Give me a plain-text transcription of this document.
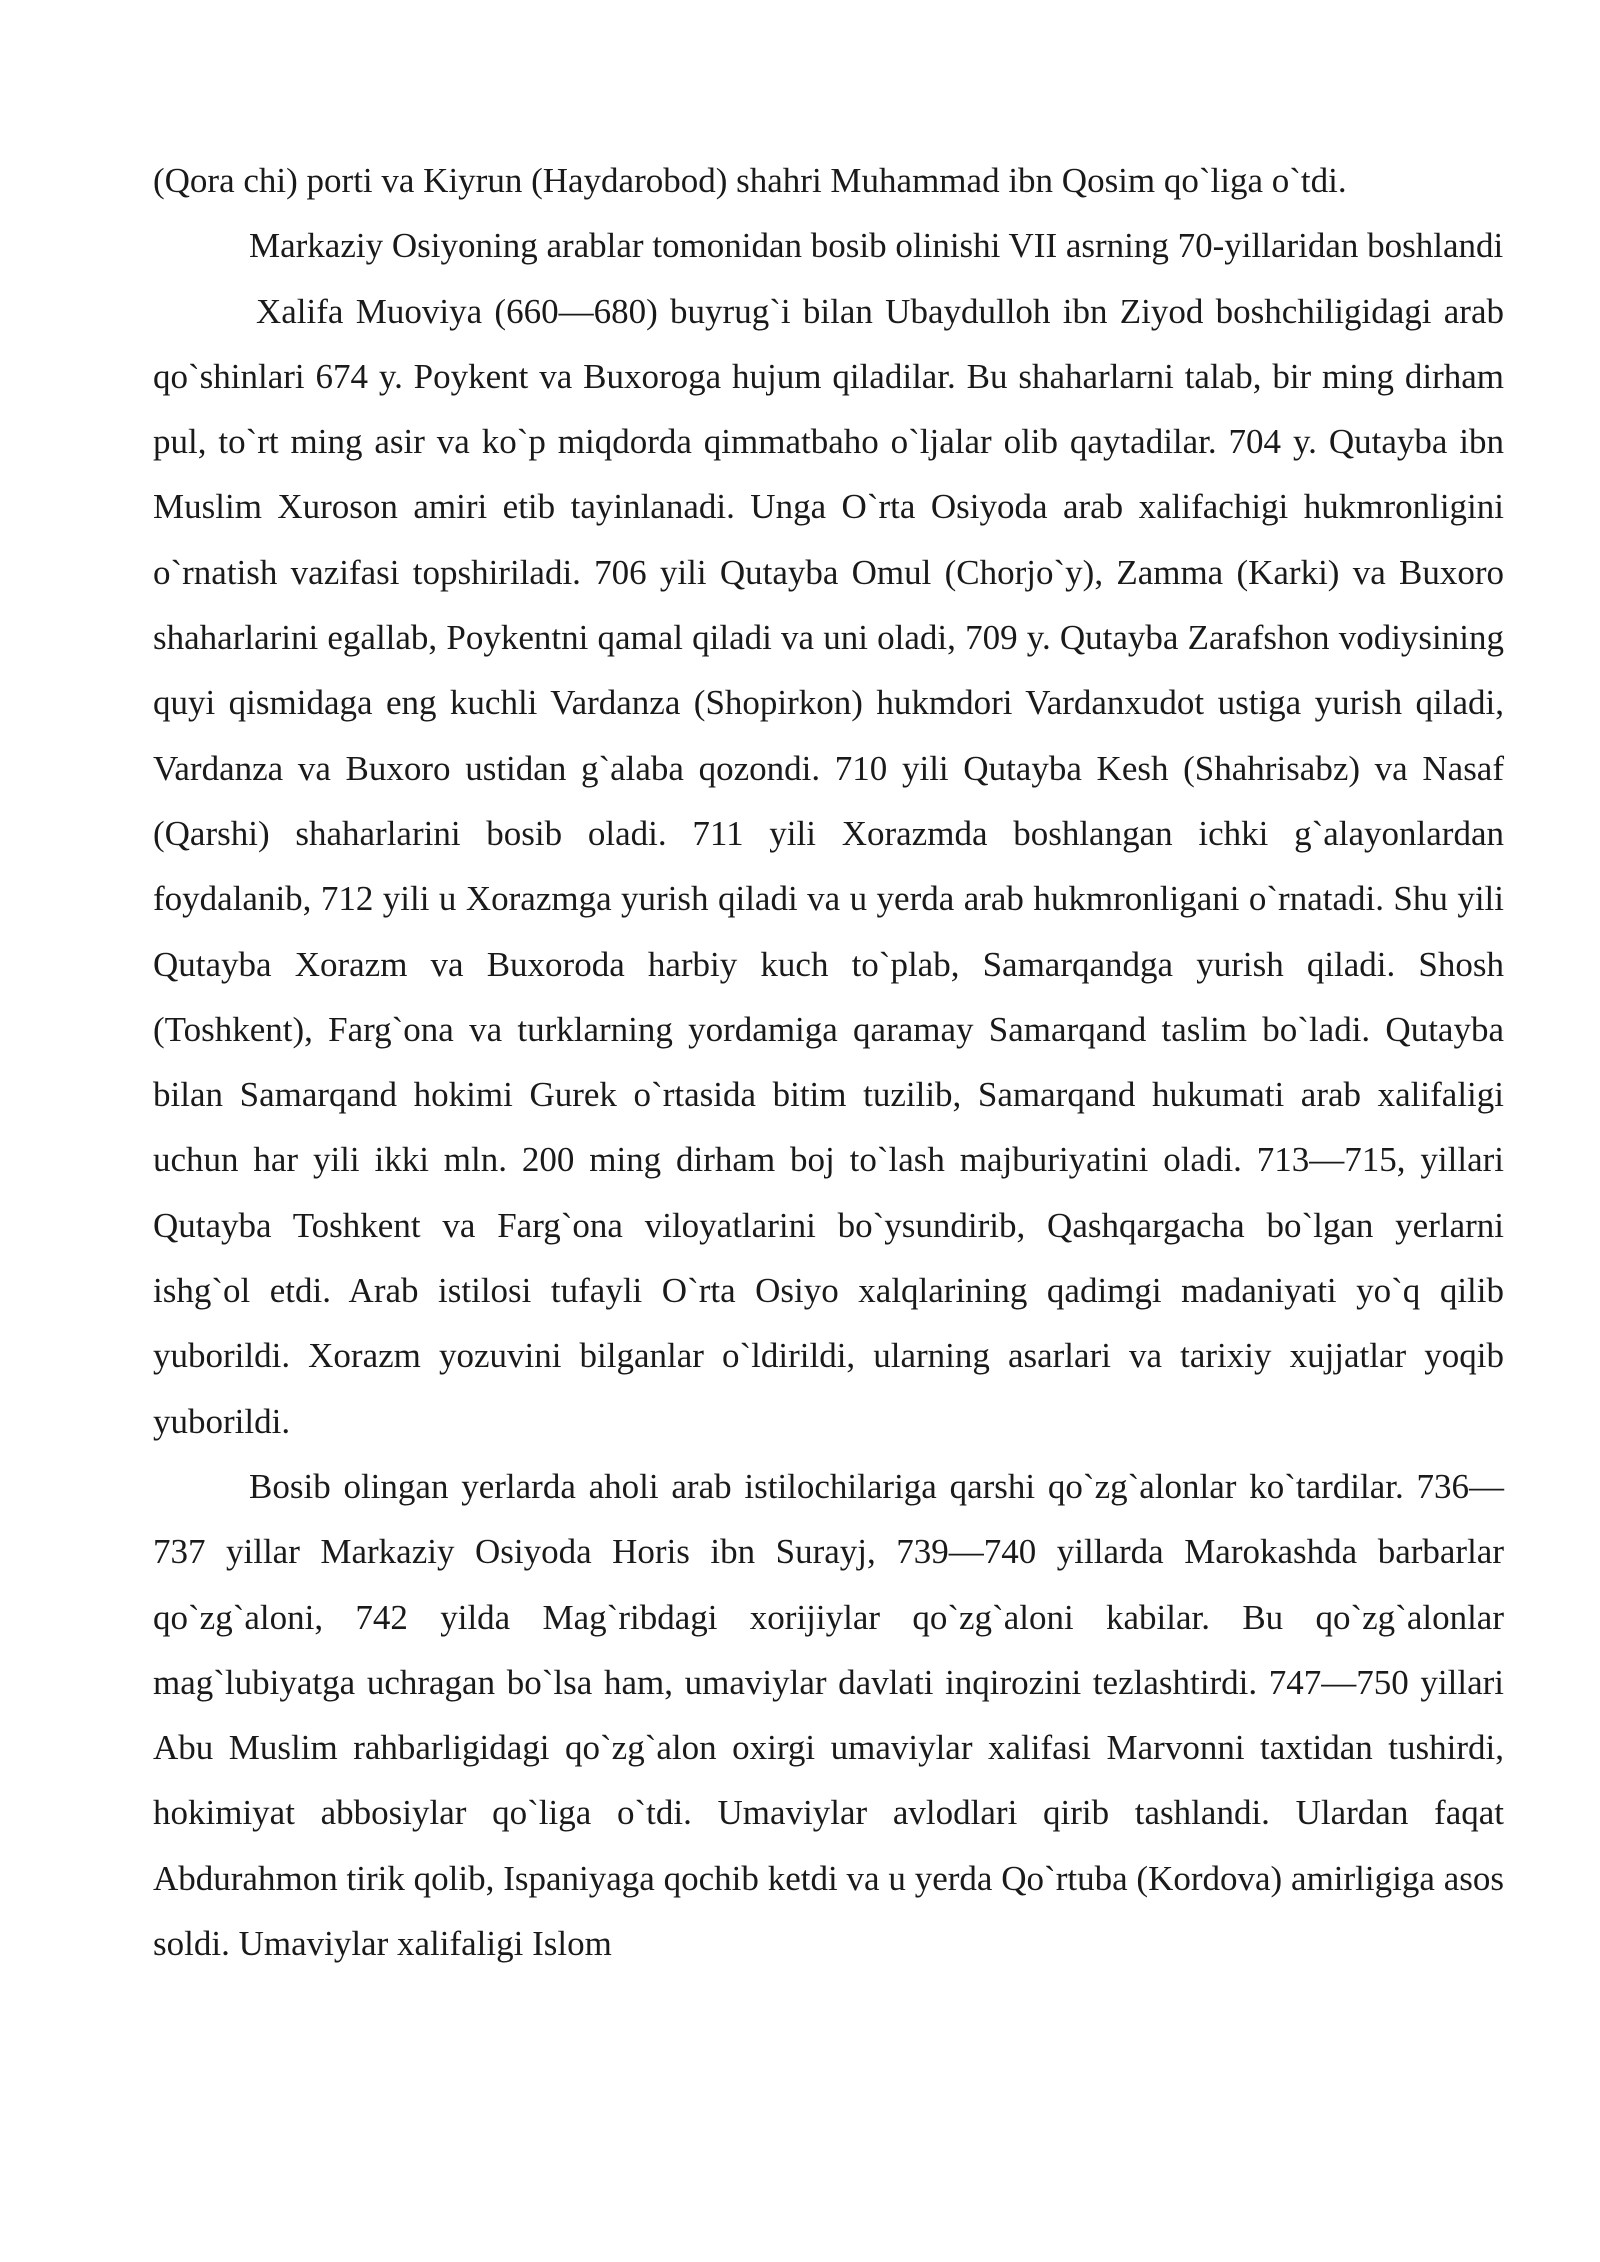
(Qora chi) porti va Kiyrun (Haydarobod) shahri Muhammad ibn Qosim qo`liga o`tdi.

Markaziy Osiyoning arablar tomonidan bosib olinishi VII asrning 70-yillaridan boshlandi

Xalifa Muoviya (660—680) buyrug`i bilan Ubaydulloh ibn Ziyod boshchiligidagi arab qo`shinlari 674 y. Poykent va Buxoroga hujum qiladilar. Bu shaharlarni talab, bir ming dirham pul, to`rt ming asir va ko`p miqdorda qimmatbaho o`ljalar olib qaytadilar. 704 y. Qutayba ibn Muslim Xuroson amiri etib tayinlanadi. Unga O`rta Osiyoda arab xalifachigi hukmronligini o`rnatish vazifasi topshiriladi. 706 yili Qutayba Omul (Chorjo`y), Zamma (Karki) va Buxoro shaharlarini egallab, Poykentni qamal qiladi va uni oladi, 709 y. Qutayba Zarafshon vodiysining quyi qismidaga eng kuchli Vardanza (Shopirkon) hukmdori Vardanxudot ustiga yurish qiladi, Vardanza va Buxoro ustidan g`alaba qozondi. 710 yili Qutayba Kesh (Shahrisabz) va Nasaf (Qarshi) shaharlarini bosib oladi. 711 yili Xorazmda boshlangan ichki g`alayonlardan foydalanib, 712 yili u Xorazmga yurish qiladi va u yerda arab hukmronligani o`rnatadi. Shu yili Qutayba Xorazm va Buxoroda harbiy kuch to`plab, Samarqandga yurish qiladi. Shosh (Toshkent), Farg`ona va turklarning yordamiga qaramay Samarqand taslim bo`ladi. Qutayba bilan Samarqand hokimi Gurek o`rtasida bitim tuzilib, Samarqand hukumati arab xalifaligi uchun har yili ikki mln. 200 ming dirham boj to`lash majburiyatini oladi. 713—715, yillari Qutayba Toshkent va Farg`ona viloyatlarini bo`ysundirib, Qashqargacha bo`lgan yerlarni ishg`ol etdi. Arab istilosi tufayli O`rta Osiyo xalqlarining qadimgi madaniyati yo`q qilib yuborildi. Xorazm yozuvini bilganlar o`ldirildi, ularning asarlari va tarixiy xujjatlar yoqib yuborildi.

Bosib olingan yerlarda aholi arab istilochilariga qarshi qo`zg`alonlar ko`tardilar. 736—737 yillar Markaziy Osiyoda Horis ibn Surayj, 739—740 yillarda Marokashda barbarlar qo`zg`aloni, 742 yilda Mag`ribdagi xorijiylar qo`zg`aloni kabilar. Bu qo`zg`alonlar mag`lubiyatga uchragan bo`lsa ham, umaviylar davlati inqirozini tezlashtirdi. 747—750 yillari Abu Muslim rahbarligidagi qo`zg`alon oxirgi umaviylar xalifasi Marvonni taxtidan tushirdi, hokimiyat abbosiylar qo`liga o`tdi. Umaviylar avlodlari qirib tashlandi. Ulardan faqat Abdurahmon tirik qolib, Ispaniyaga qochib ketdi va u yerda Qo`rtuba (Kordova) amirligiga asos soldi. Umaviylar xalifaligi Islom
